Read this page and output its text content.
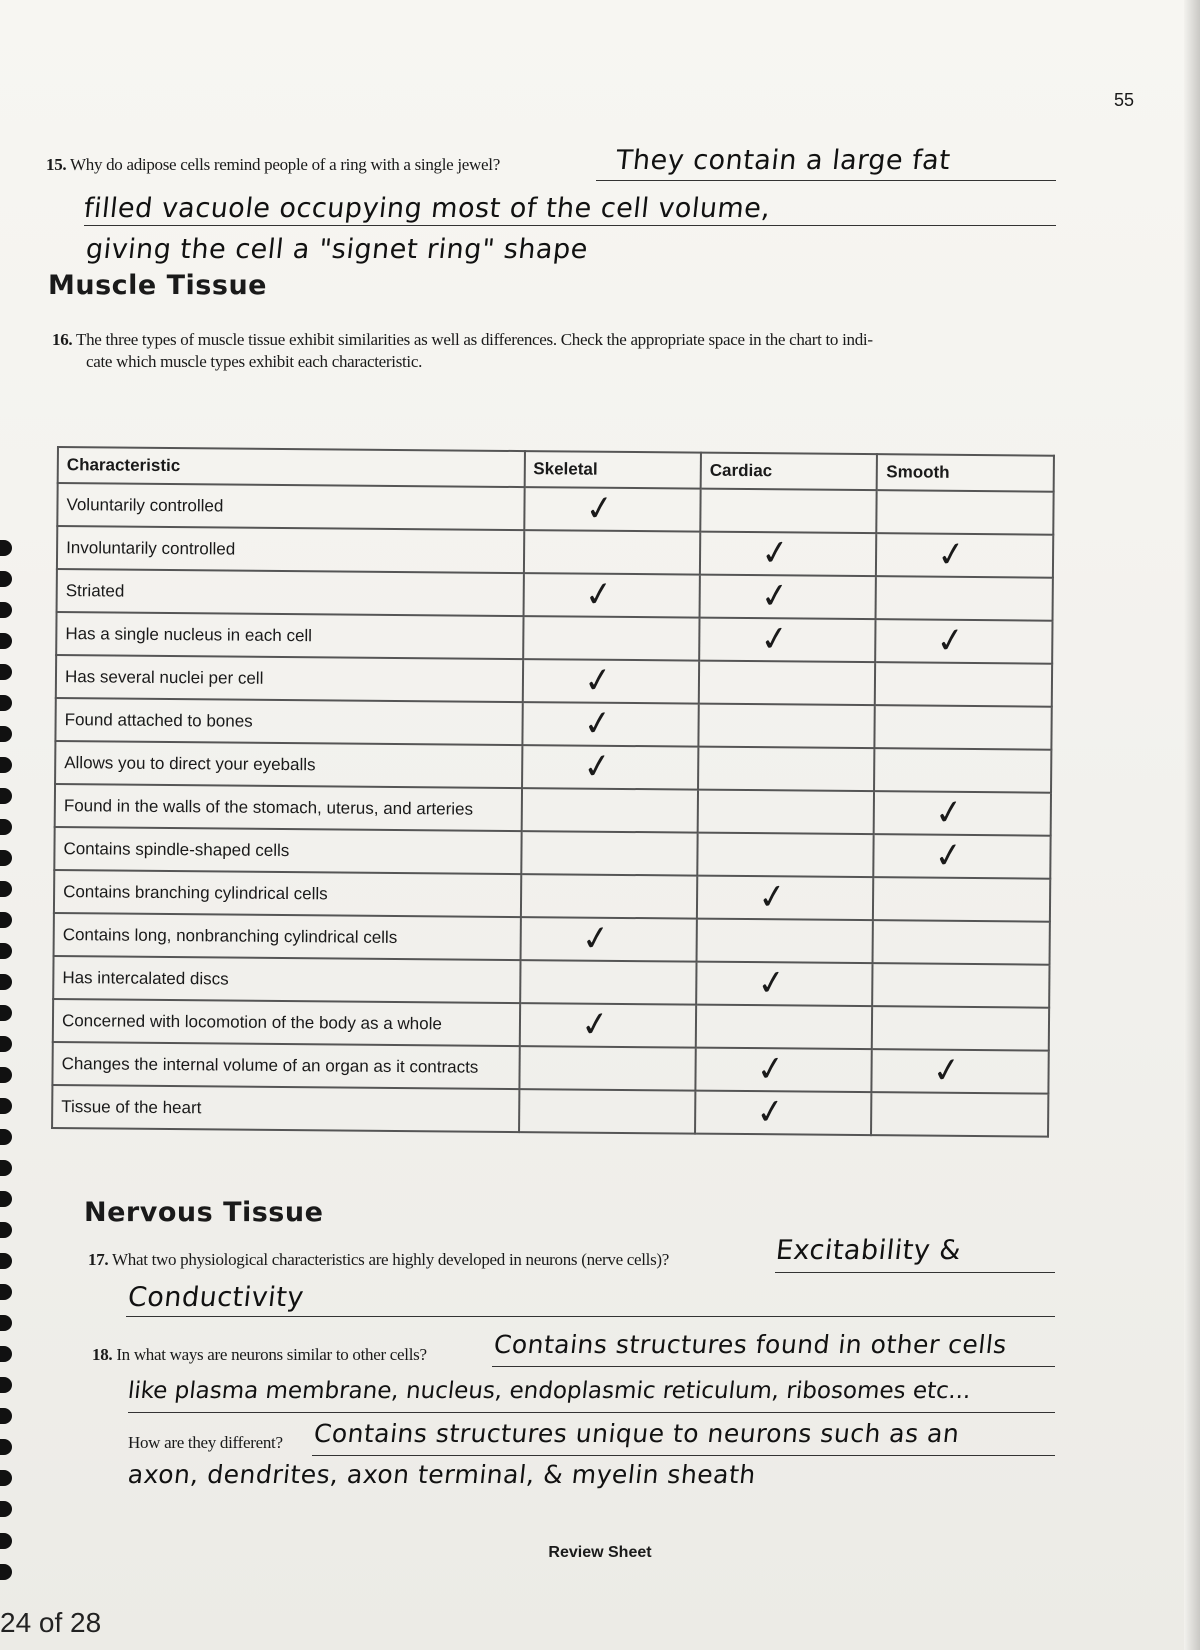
55
15. Why do adipose cells remind people of a ring with a single jewel?	They contain a large fat
filled vacuole occupying most of the cell volume,
giving the cell a "signet ring" shape
Muscle Tissue
16. The three types of muscle tissue exhibit similarities as well as differences. Check the appropriate space in the chart to indi-
cate which muscle types exhibit each characteristic.
Characteristic	Skeletal	Cardiac	Smooth
Voluntarily controlled	✓		
Involuntarily controlled		✓	✓
Striated	✓	✓	
Has a single nucleus in each cell		✓	✓
Has several nuclei per cell	✓		
Found attached to bones	✓		
Allows you to direct your eyeballs	✓		
Found in the walls of the stomach, uterus, and arteries			✓
Contains spindle-shaped cells			✓
Contains branching cylindrical cells		✓	
Contains long, nonbranching cylindrical cells	✓		
Has intercalated discs		✓	
Concerned with locomotion of the body as a whole	✓		
Changes the internal volume of an organ as it contracts		✓	✓
Tissue of the heart		✓	
Nervous Tissue
17. What two physiological characteristics are highly developed in neurons (nerve cells)?	Excitability &
Conductivity
18. In what ways are neurons similar to other cells?	Contains structures found in other cells
like plasma membrane, nucleus, endoplasmic reticulum, ribosomes etc...
How are they different? Contains structures unique to neurons such as an
axon, dendrites, axon terminal, & myelin sheath
Review Sheet
24 of 28
